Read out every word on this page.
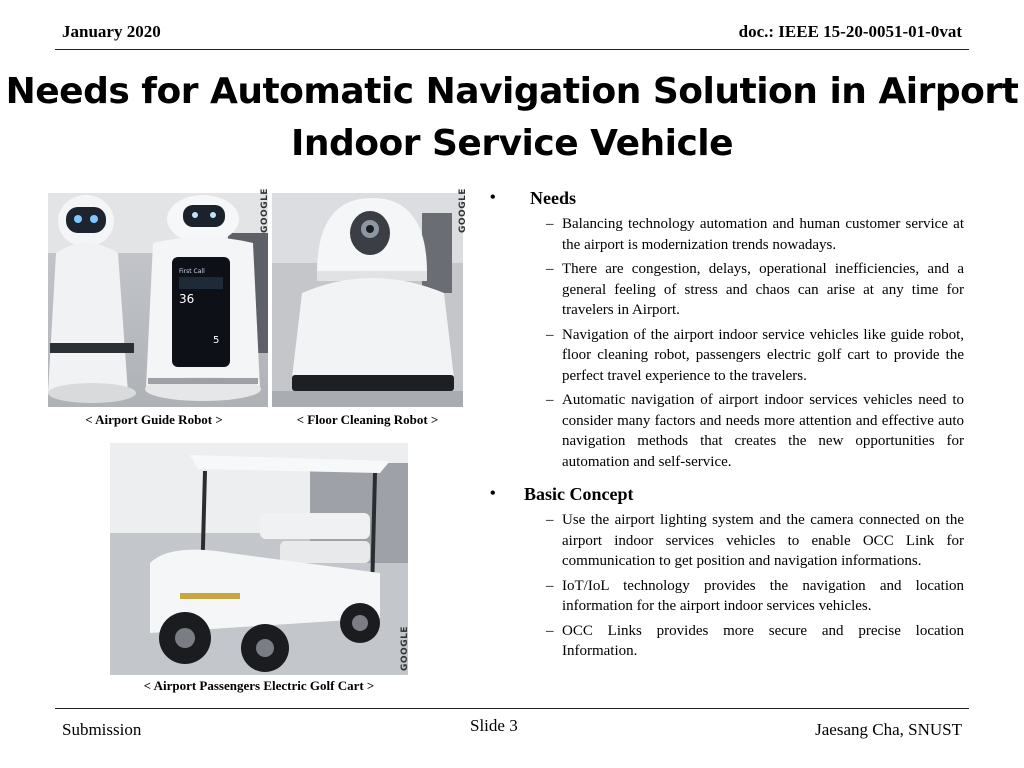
January 2020	doc.: IEEE 15-20-0051-01-0vat
Needs for Automatic Navigation Solution in Airport
Indoor Service Vehicle
First Call
36
5
GOOGLE	GOOGLE
< Airport Guide Robot >	< Floor Cleaning Robot >
GOOGLE
< Airport Passengers Electric Golf Cart >
• Needs
– Balancing technology automation and human customer service at the airport is modernization trends nowadays.
– There are congestion, delays, operational inefficiencies, and a general feeling of stress and chaos can arise at any time for travelers in Airport.
– Navigation of the airport indoor service vehicles like guide robot, floor cleaning robot, passengers electric golf cart to provide the perfect travel experience to the travelers.
– Automatic navigation of airport indoor services vehicles need to consider many factors and needs more attention and effective auto navigation methods that creates the new opportunities for automation and self-service.
• Basic Concept
– Use the airport lighting system and the camera connected on the airport indoor services vehicles to enable OCC Link for communication to get position and navigation informations.
– IoT/IoL technology provides the navigation and location information for the airport indoor services vehicles.
– OCC Links provides more secure and precise location Information.
Submission	Slide 3	Jaesang Cha, SNUST
